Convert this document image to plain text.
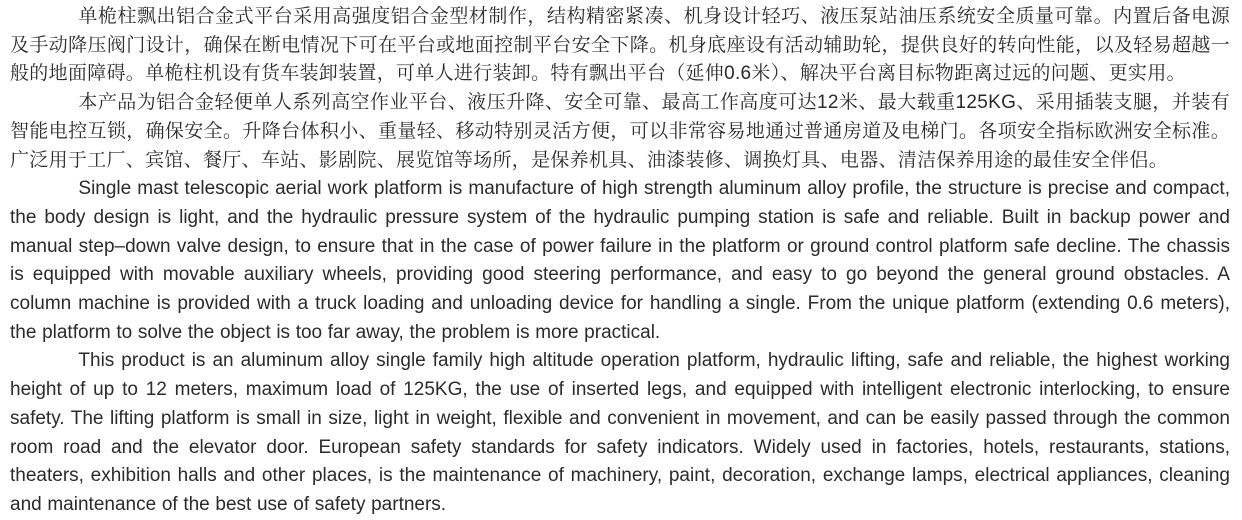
单桅柱飘出铝合金式平台采用高强度铝合金型材制作，结构精密紧凑、机身设计轻巧、液压泵站油压系统安全质量可靠。内置后备电源及手动降压阀门设计，确保在断电情况下可在平台或地面控制平台安全下降。机身底座设有活动辅助轮，提供良好的转向性能，以及轻易超越一般的地面障碍。单桅柱机设有货车装卸装置，可单人进行装卸。特有飘出平台（延伸0.6米）、解决平台离目标物距离过远的问题、更实用。

本产品为铝合金轻便单人系列高空作业平台、液压升降、安全可靠、最高工作高度可达12米、最大载重125KG、采用插装支腿，并装有智能电控互锁，确保安全。升降台体积小、重量轻、移动特别灵活方便，可以非常容易地通过普通房道及电梯门。各项安全指标欧洲安全标准。广泛用于工厂、宾馆、餐厅、车站、影剧院、展览馆等场所，是保养机具、油漆装修、调换灯具、电器、清洁保养用途的最佳安全伴侣。

Single mast telescopic aerial work platform is manufacture of high strength aluminum alloy profile, the structure is precise and compact, the body design is light, and the hydraulic pressure system of the hydraulic pumping station is safe and reliable. Built in backup power and manual step–down valve design, to ensure that in the case of power failure in the platform or ground control platform safe decline. The chassis is equipped with movable auxiliary wheels, providing good steering performance, and easy to go beyond the general ground obstacles. A column machine is provided with a truck loading and unloading device for handling a single. From the unique platform (extending 0.6 meters), the platform to solve the object is too far away, the problem is more practical.

This product is an aluminum alloy single family high altitude operation platform, hydraulic lifting, safe and reliable, the highest working height of up to 12 meters, maximum load of 125KG, the use of inserted legs, and equipped with intelligent electronic interlocking, to ensure safety. The lifting platform is small in size, light in weight, flexible and convenient in movement, and can be easily passed through the common room road and the elevator door. European safety standards for safety indicators. Widely used in factories, hotels, restaurants, stations, theaters, exhibition halls and other places, is the maintenance of machinery, paint, decoration, exchange lamps, electrical appliances, cleaning and maintenance of the best use of safety partners.
